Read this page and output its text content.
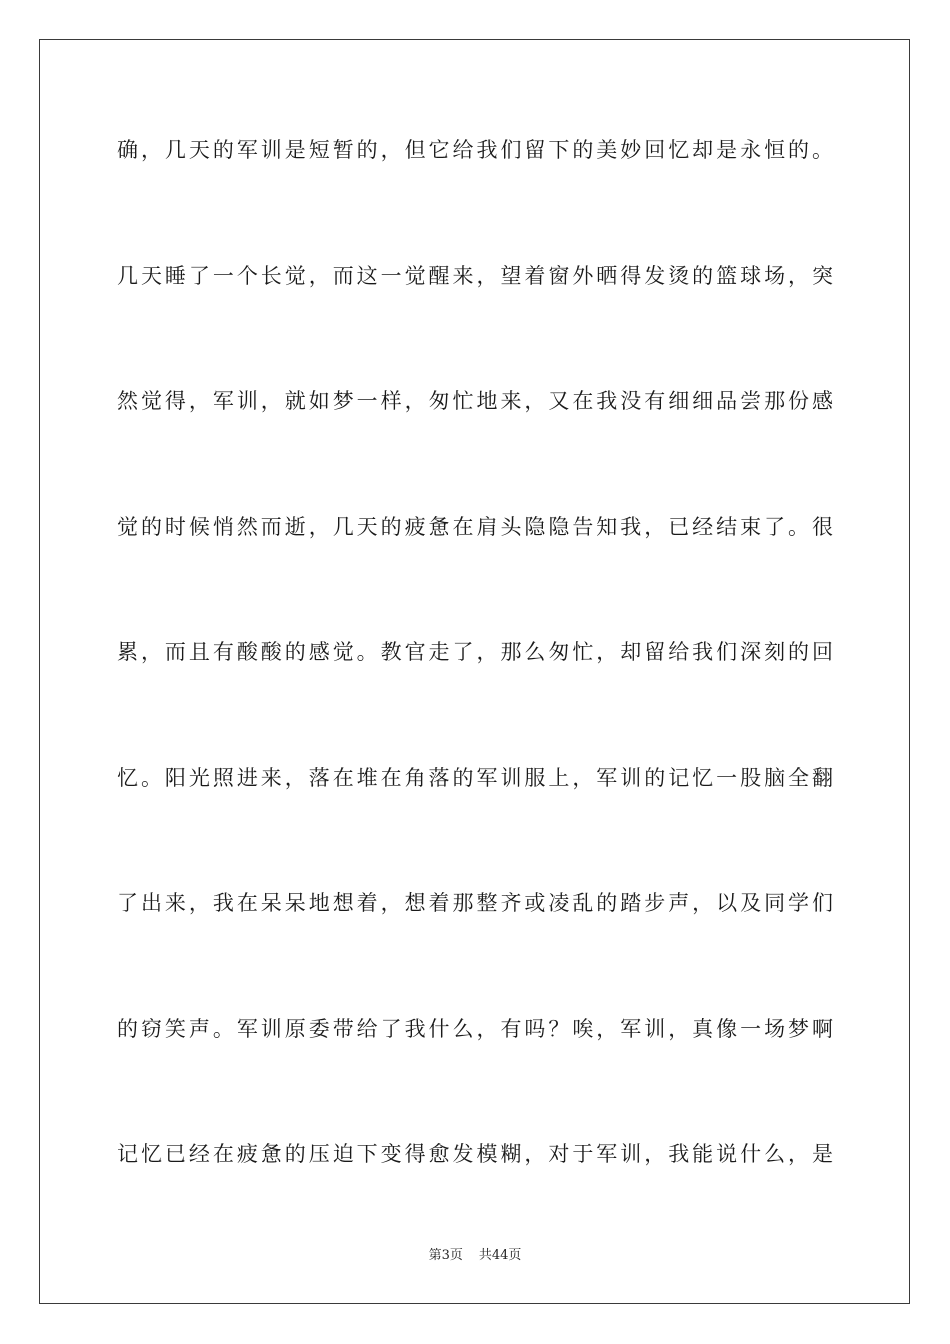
确，几天的军训是短暂的，但它给我们留下的美妙回忆却是永恒的。
几天睡了一个长觉，而这一觉醒来，望着窗外晒得发烫的篮球场，突
然觉得，军训，就如梦一样，匆忙地来，又在我没有细细品尝那份感
觉的时候悄然而逝，几天的疲惫在肩头隐隐告知我，已经结束了。很
累，而且有酸酸的感觉。教官走了，那么匆忙，却留给我们深刻的回
忆。阳光照进来，落在堆在角落的军训服上，军训的记忆一股脑全翻
了出来，我在呆呆地想着，想着那整齐或凌乱的踏步声，以及同学们
的窃笑声。军训原委带给了我什么，有吗？唉，军训，真像一场梦啊
记忆已经在疲惫的压迫下变得愈发模糊，对于军训，我能说什么，是
第3页 共44页
